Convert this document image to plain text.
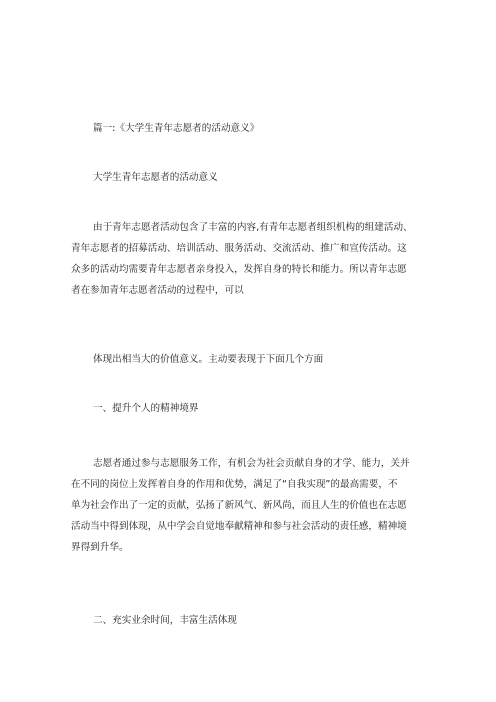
篇一:《大学生青年志愿者的活动意义》
大学生青年志愿者的活动意义
由于青年志愿者活动包含了丰富的内容,有青年志愿者组织机构的组建活动、
青年志愿者的招募活动、培训活动、服务活动、交流活动、推广和宣传活动。这
众多的活动均需要青年志愿者亲身投入，发挥自身的特长和能力。所以青年志愿
者在参加青年志愿者活动的过程中，可以
体现出相当大的价值意义。主动要表现于下面几个方面
一、提升个人的精神境界
志愿者通过参与志愿服务工作，有机会为社会贡献自身的才学、能力，关并
在不同的岗位上发挥着自身的作用和优势，满足了“自我实现”的最高需要，不
单为社会作出了一定的贡献，弘扬了新风气、新风尚，而且人生的价值也在志愿
活动当中得到体现，从中学会自觉地奉献精神和参与社会活动的责任感，精神境
界得到升华。
二、充实业余时间，丰富生活体现
